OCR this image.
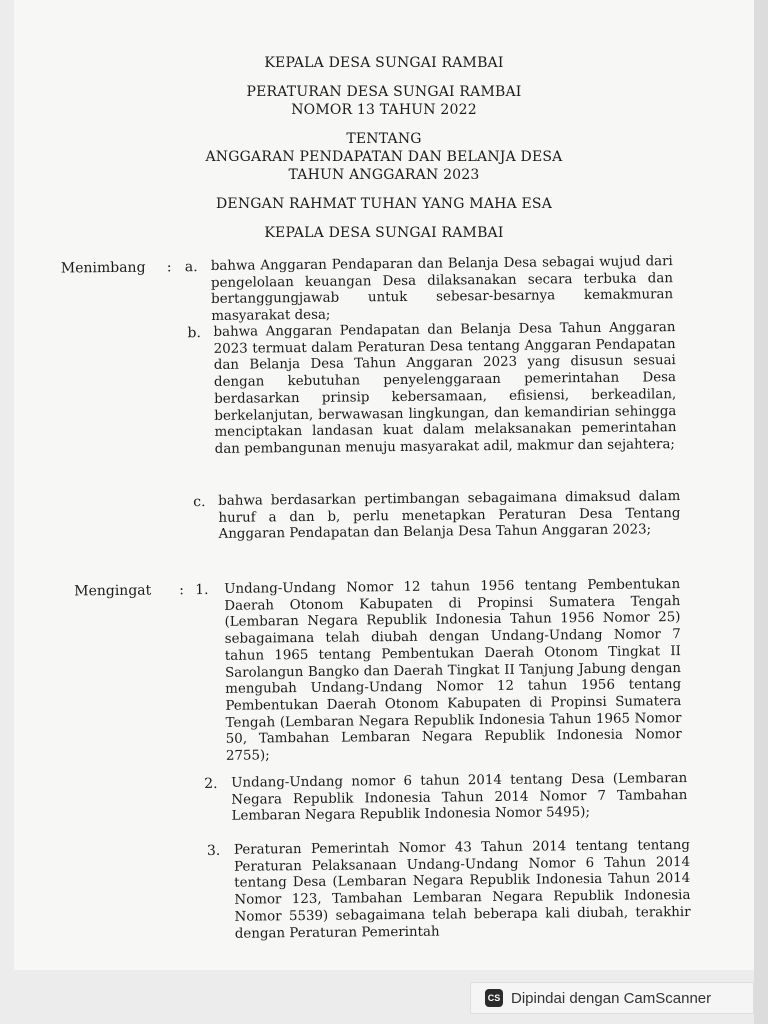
KEPALA DESA SUNGAI RAMBAI
PERATURAN DESA SUNGAI RAMBAI
NOMOR 13 TAHUN 2022
TENTANG
ANGGARAN PENDAPATAN DAN BELANJA DESA
TAHUN ANGGARAN 2023
DENGAN RAHMAT TUHAN YANG MAHA ESA
KEPALA DESA SUNGAI RAMBAI
Menimbang : a. bahwa Anggaran Pendaparan dan Belanja Desa sebagai wujud dari pengelolaan keuangan Desa dilaksanakan secara terbuka dan bertanggungjawab untuk sebesar-besarnya kemakmuran masyarakat desa;

b. bahwa Anggaran Pendapatan dan Belanja Desa Tahun Anggaran 2023 termuat dalam Peraturan Desa tentang Anggaran Pendapatan dan Belanja Desa Tahun Anggaran 2023 yang disusun sesuai dengan kebutuhan penyelenggaraan pemerintahan Desa berdasarkan prinsip kebersamaan, efisiensi, berkeadilan, berkelanjutan, berwawasan lingkungan, dan kemandirian sehingga menciptakan landasan kuat dalam melaksanakan pemerintahan dan pembangunan menuju masyarakat adil, makmur dan sejahtera;

c. bahwa berdasarkan pertimbangan sebagaimana dimaksud dalam huruf a dan b, perlu menetapkan Peraturan Desa Tentang Anggaran Pendapatan dan Belanja Desa Tahun Anggaran 2023;

Mengingat : 1. Undang-Undang Nomor 12 tahun 1956 tentang Pembentukan Daerah Otonom Kabupaten di Propinsi Sumatera Tengah (Lembaran Negara Republik Indonesia Tahun 1956 Nomor 25) sebagaimana telah diubah dengan Undang-Undang Nomor 7 tahun 1965 tentang Pembentukan Daerah Otonom Tingkat II Sarolangun Bangko dan Daerah Tingkat II Tanjung Jabung dengan mengubah Undang-Undang Nomor 12 tahun 1956 tentang Pembentukan Daerah Otonom Kabupaten di Propinsi Sumatera Tengah (Lembaran Negara Republik Indonesia Tahun 1965 Nomor 50, Tambahan Lembaran Negara Republik Indonesia Nomor 2755);

2. Undang-Undang nomor 6 tahun 2014 tentang Desa (Lembaran Negara Republik Indonesia Tahun 2014 Nomor 7 Tambahan Lembaran Negara Republik Indonesia Nomor 5495);

3. Peraturan Pemerintah Nomor 43 Tahun 2014 tentang tentang Peraturan Pelaksanaan Undang-Undang Nomor 6 Tahun 2014 tentang Desa (Lembaran Negara Republik Indonesia Tahun 2014 Nomor 123, Tambahan Lembaran Negara Republik Indonesia Nomor 5539) sebagaimana telah beberapa kali diubah, terakhir dengan Peraturan Pemerintah

CS Dipindai dengan CamScanner
